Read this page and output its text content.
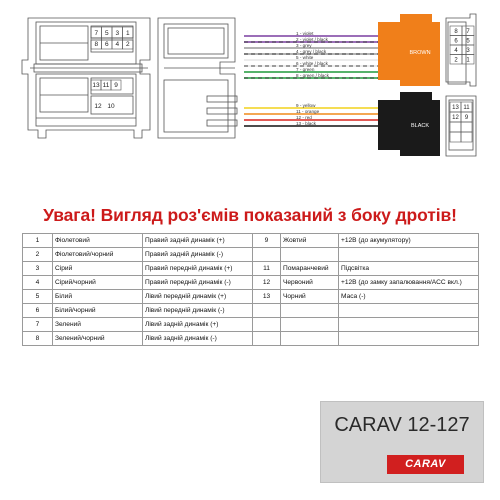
7 5 3 1
8 6 4 2
13 11 9
12 10
1 - violet
2 - violet / black
3 - grey
4 - grey / black
5 - white
6 - white / black
7 - green
8 - green / black
9 - yellow
11 - orange
12 - red
13 - black
BROWN
BLACK
8
6
4
2
7
5
3
1
13 11
12 9
Увага! Вигляд роз'ємів показаний з боку дротів!
1	Фіолетовий	Правий задній динамік (+)	9	Жовтий	+12В (до акумулятору)
2	Фіолетовий/чорний	Правий задній динамік (-)			
3	Сірий	Правий передній динамік (+)	11	Помаранчевий	Підсвітка
4	Сірий/чорний	Правий передній динамік (-)	12	Червоний	+12В (до замку запалювання/ACC вкл.)
5	Білий	Лівий передній динамік (+)	13	Чорний	Маса (-)
6	Білий/чорний	Лівий передній динамік (-)			
7	Зелений	Лівий задній динамік (+)			
8	Зелений/чорний	Лівий задній динамік (-)			
CARAV 12-127
CARAV
